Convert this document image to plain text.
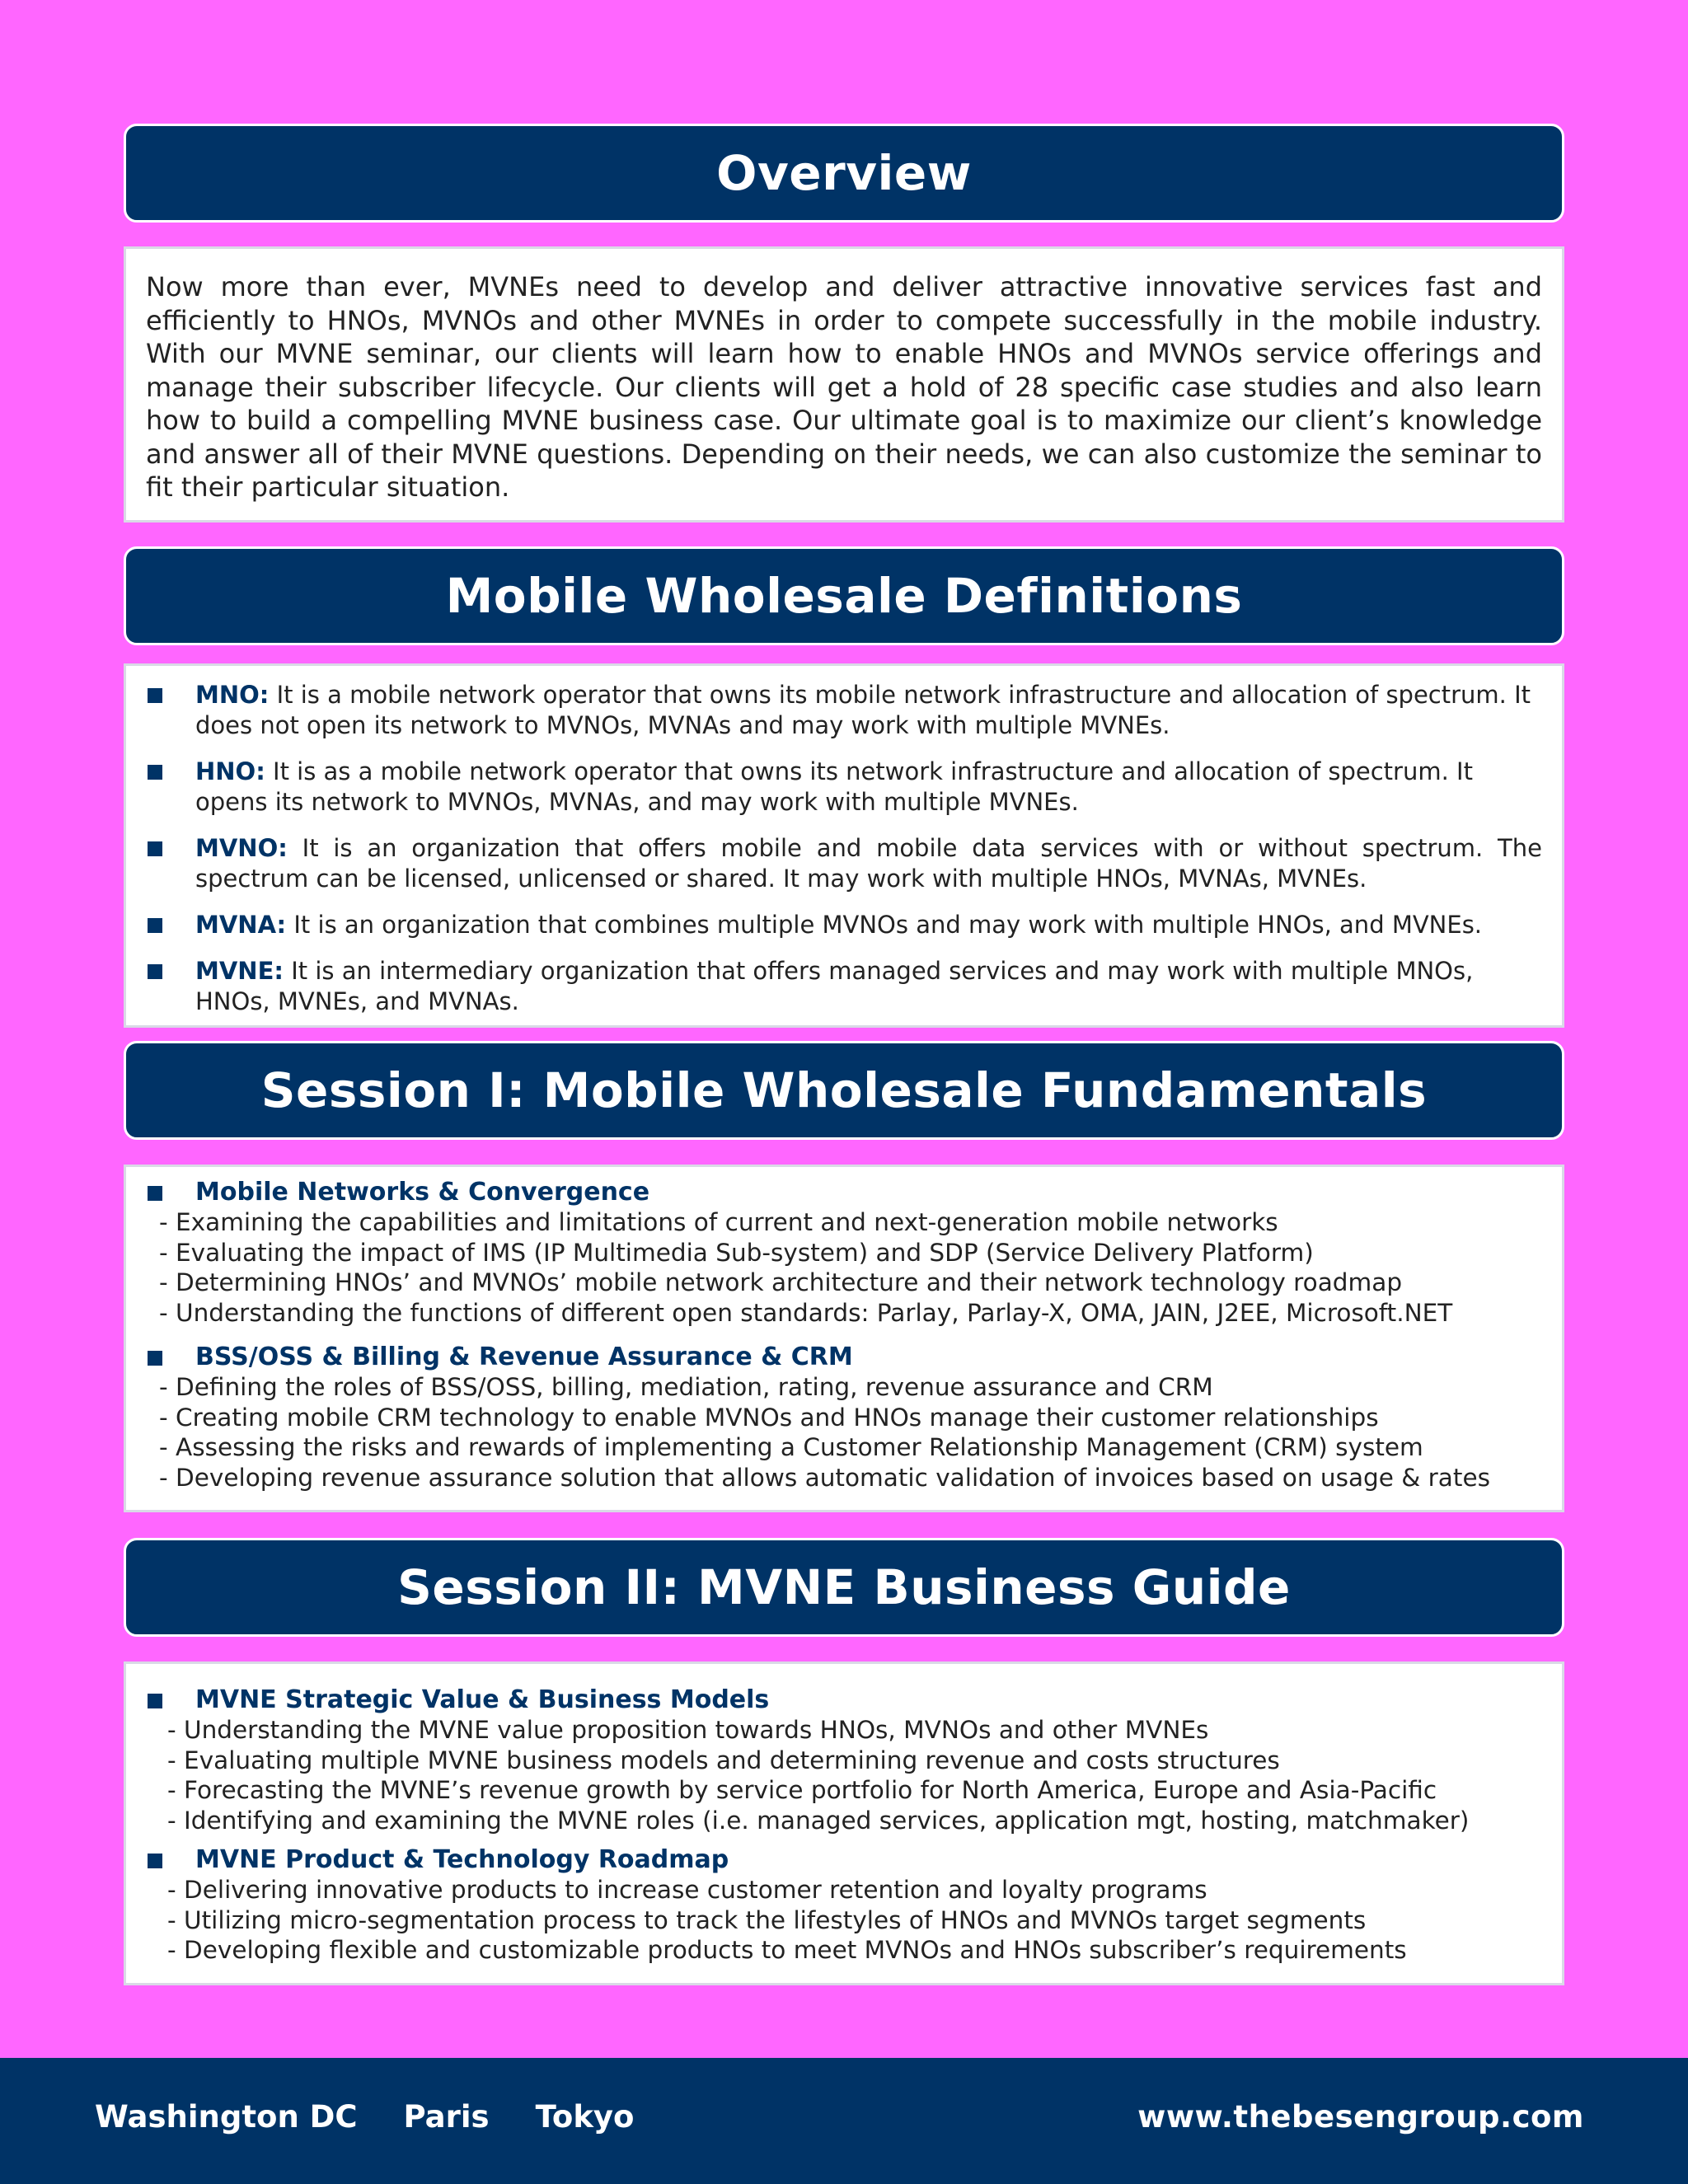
Overview

Now more than ever, MVNEs need to develop and deliver attractive innovative services fast and efficiently to HNOs, MVNOs and other MVNEs in order to compete successfully in the mobile industry. With our MVNE seminar, our clients will learn how to enable HNOs and MVNOs service offerings and manage their subscriber lifecycle. Our clients will get a hold of 28 specific case studies and also learn how to build a compelling MVNE business case. Our ultimate goal is to maximize our client’s knowledge and answer all of their MVNE questions. Depending on their needs, we can also customize the seminar to fit their particular situation.

Mobile Wholesale Definitions
MNO: It is a mobile network operator that owns its mobile network infrastructure and allocation of spectrum. It does not open its network to MVNOs, MVNAs and may work with multiple MVNEs.
HNO: It is as a mobile network operator that owns its network infrastructure and allocation of spectrum. It opens its network to MVNOs, MVNAs, and may work with multiple MVNEs.
MVNO: It is an organization that offers mobile and mobile data services with or without spectrum. The spectrum can be licensed, unlicensed or shared. It may work with multiple HNOs, MVNAs, MVNEs.
MVNA: It is an organization that combines multiple MVNOs and may work with multiple HNOs, and MVNEs.
MVNE: It is an intermediary organization that offers managed services and may work with multiple MNOs, HNOs, MVNEs, and MVNAs.
Session I: Mobile Wholesale Fundamentals
Mobile Networks & Convergence
- Examining the capabilities and limitations of current and next-generation mobile networks
- Evaluating the impact of IMS (IP Multimedia Sub-system) and SDP (Service Delivery Platform)
- Determining HNOs’ and MVNOs’ mobile network architecture and their network technology roadmap
- Understanding the functions of different open standards: Parlay, Parlay-X, OMA, JAIN, J2EE, Microsoft.NET
BSS/OSS & Billing & Revenue Assurance & CRM
- Defining the roles of BSS/OSS, billing, mediation, rating, revenue assurance and CRM
- Creating mobile CRM technology to enable MVNOs and HNOs manage their customer relationships
- Assessing the risks and rewards of implementing a Customer Relationship Management (CRM) system
- Developing revenue assurance solution that allows automatic validation of invoices based on usage & rates
Session II: MVNE Business Guide
MVNE Strategic Value & Business Models
- Understanding the MVNE value proposition towards HNOs, MVNOs and other MVNEs
- Evaluating multiple MVNE business models and determining revenue and costs structures
- Forecasting the MVNE’s revenue growth by service portfolio for North America, Europe and Asia-Pacific
- Identifying and examining the MVNE roles (i.e. managed services, application mgt, hosting, matchmaker)
MVNE Product & Technology Roadmap
- Delivering innovative products to increase customer retention and loyalty programs
- Utilizing micro-segmentation process to track the lifestyles of HNOs and MVNOs target segments
- Developing flexible and customizable products to meet MVNOs and HNOs subscriber’s requirements
Washington DC Paris Tokyo	www.thebesengroup.com
